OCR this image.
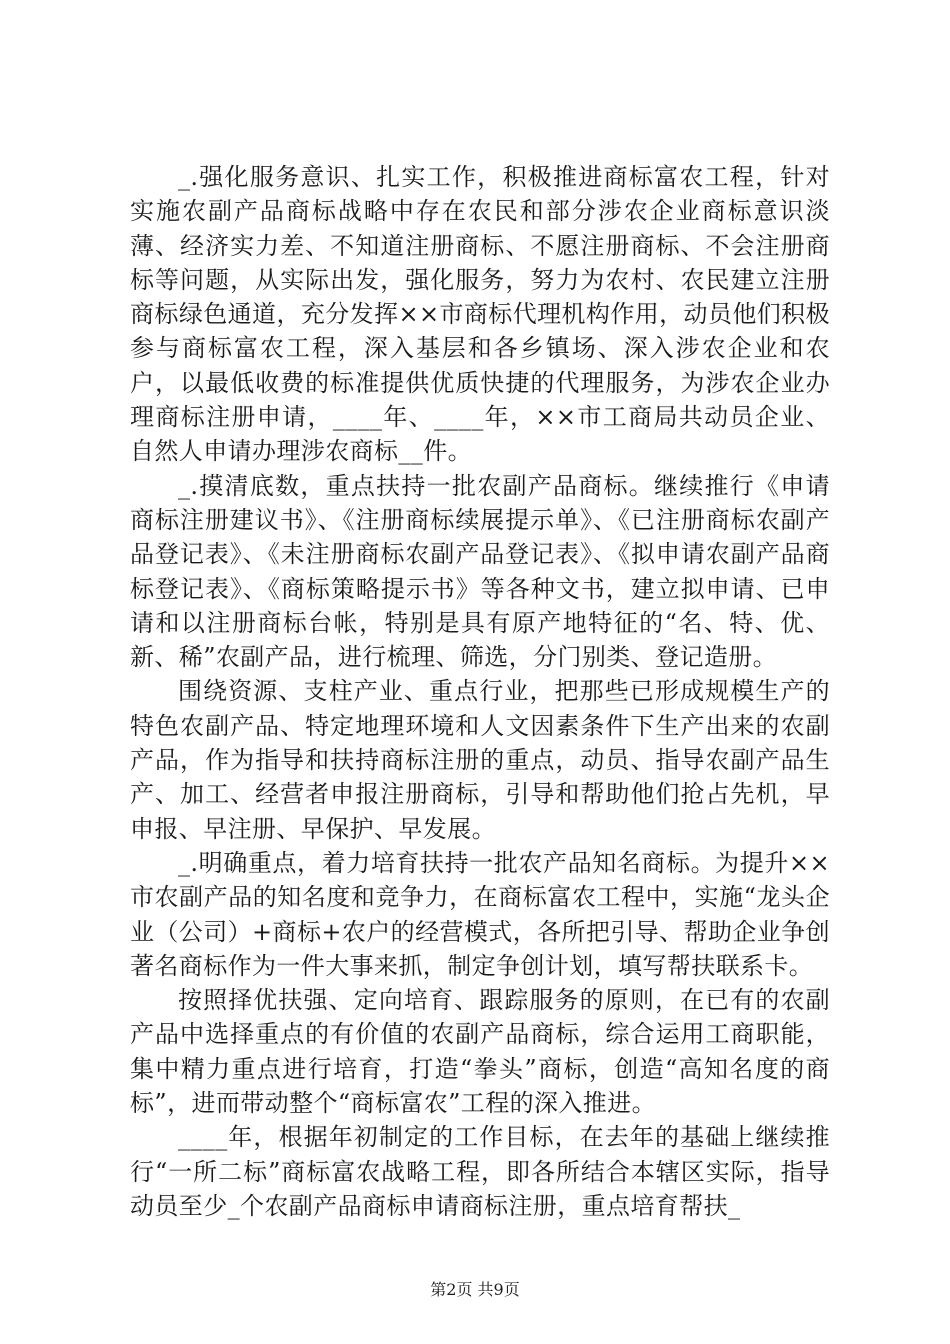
_.强化服务意识、扎实工作，积极推进商标富农工程，针对实施农副产品商标战略中存在农民和部分涉农企业商标意识淡薄、经济实力差、不知道注册商标、不愿注册商标、不会注册商标等问题，从实际出发，强化服务，努力为农村、农民建立注册商标绿色通道，充分发挥××市商标代理机构作用，动员他们积极参与商标富农工程，深入基层和各乡镇场、深入涉农企业和农户，以最低收费的标准提供优质快捷的代理服务，为涉农企业办理商标注册申请，____年、____年，××市工商局共动员企业、自然人申请办理涉农商标__件。

_.摸清底数，重点扶持一批农副产品商标。继续推行《申请商标注册建议书》、《注册商标续展提示单》、《已注册商标农副产品登记表》、《未注册商标农副产品登记表》、《拟申请农副产品商标登记表》、《商标策略提示书》等各种文书，建立拟申请、已申请和以注册商标台帐，特别是具有原产地特征的“名、特、优、新、稀”农副产品，进行梳理、筛选，分门别类、登记造册。

围绕资源、支柱产业、重点行业，把那些已形成规模生产的特色农副产品、特定地理环境和人文因素条件下生产出来的农副产品，作为指导和扶持商标注册的重点，动员、指导农副产品生产、加工、经营者申报注册商标，引导和帮助他们抢占先机，早申报、早注册、早保护、早发展。

_.明确重点，着力培育扶持一批农产品知名商标。为提升××市农副产品的知名度和竞争力，在商标富农工程中，实施“龙头企业（公司）+商标+农户的经营模式，各所把引导、帮助企业争创著名商标作为一件大事来抓，制定争创计划，填写帮扶联系卡。

按照择优扶强、定向培育、跟踪服务的原则，在已有的农副产品中选择重点的有价值的农副产品商标，综合运用工商职能，集中精力重点进行培育，打造“拳头”商标，创造“高知名度的商标”，进而带动整个“商标富农”工程的深入推进。

____年，根据年初制定的工作目标，在去年的基础上继续推行“一所二标”商标富农战略工程，即各所结合本辖区实际，指导动员至少_个农副产品商标申请商标注册，重点培育帮扶_

第2页 共9页
